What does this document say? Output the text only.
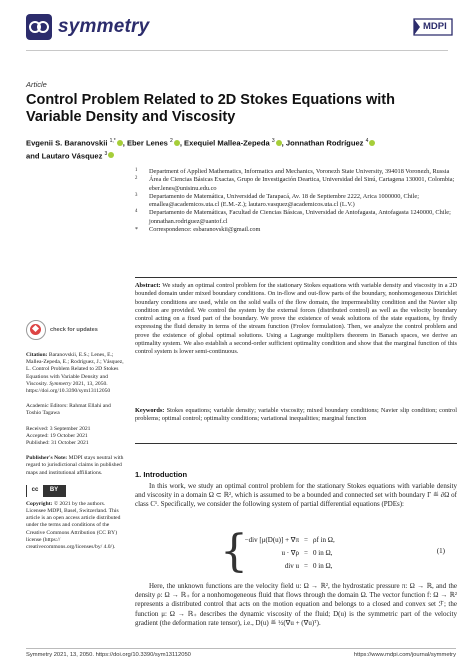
symmetry	MDPI
Article
Control Problem Related to 2D Stokes Equations with Variable Density and Viscosity
Evgenii S. Baranovskii $^{1,*}$ , Eber Lenes $^2$ , Exequiel Mallea-Zepeda $^3$ , Jonnathan Rodríguez $^4$
and Lautaro Vásquez $^3$
1 Department of Applied Mathematics, Informatics and Mechanics, Voronezh State University, 394018 Voronezh, Russia
2 Área de Ciencias Básicas Exactas, Grupo de Investigación Deartica, Universidad del Sinú, Cartagena 130001, Colombia; eber.lenes@unisinu.edu.co
3 Departamento de Matemática, Universidad de Tarapacá, Av. 18 de Septiembre 2222, Arica 1000000, Chile; emallea@academicos.uta.cl (E.M.-Z.); lautaro.vasquez@academicos.uta.cl (L.V.)
4 Departamento de Matemáticas, Facultad de Ciencias Básicas, Universidad de Antofagasta, Antofagasta 1240000, Chile; jonnathan.rodriguez@uantof.cl
* Correspondence: esbaranovskii@gmail.com
Abstract: We study an optimal control problem for the stationary Stokes equations with variable density and viscosity in a 2D bounded domain under mixed boundary conditions. On in-flow and out-flow parts of the boundary, nonhomogeneous Dirichlet boundary conditions are used, while on the solid walls of the flow domain, the impermeability condition and the Navier slip condition are provided. We control the system by the external forces (distributed control) as well as the velocity boundary control acting on a fixed part of the boundary. We prove the existence of weak solutions of the state equations, by firstly expressing the fluid density in terms of the stream function (Frolov formulation). Then, we analyze the control problem and prove the existence of global optimal solutions. Using a Lagrange multipliers theorem in Banach spaces, we derive an optimality system. We also establish a second-order sufficient optimality condition and show that the marginal function of this control system is lower semi-continuous.
Keywords: Stokes equations; variable density; variable viscosity; mixed boundary conditions; Navier slip condition; control problems; optimal control; optimality conditions; variational inequalities; marginal function
check for updates
Citation: Baranovskii, E.S.; Lenes, E.; Mallea-Zepeda, E.; Rodríguez, J.; Vásquez, L. Control Problem Related to 2D Stokes Equations with Variable Density and Viscosity. Symmetry 2021, 13, 2050. https://doi.org/10.3390/sym13112050
Academic Editors: Rahmat Ellahi and Toshio Tagawa
Received: 3 September 2021
Accepted: 19 October 2021
Published: 31 October 2021
Publisher's Note: MDPI stays neutral with regard to jurisdictional claims in published maps and institutional affiliations.
cc	BY
Copyright: © 2021 by the authors. Licensee MDPI, Basel, Switzerland. This article is an open access article distributed under the terms and conditions of the Creative Commons Attribution (CC BY) license (https:// creativecommons.org/licenses/by/ 4.0/).
1. Introduction
In this work, we study an optimal control problem for the stationary Stokes equations with variable density and viscosity in a domain Ω ⊂ ℝ², which is assumed to be a bounded and connected set with boundary Γ ≝ ∂Ω of class C¹. Specifically, we consider the following system of partial differential equations (PDEs):
{
−div [μ(D(u)] + ∇π = ρf in Ω,
u · ∇ρ = 0 in Ω,
div u = 0 in Ω,
(1)
Here, the unknown functions are the velocity field u: Ω → ℝ², the hydrostatic pressure π: Ω → ℝ, and the density ρ: Ω → ℝ₊ for a nonhomogeneous fluid that flows through the domain Ω. The vector function f: Ω → ℝ² represents a distributed control that acts on the motion equation and belongs to a closed and convex set ℱ; the function μ: Ω → ℝ₊ describes the dynamic viscosity of the fluid; D(u) is the symmetric part of the velocity gradient (the deformation rate tensor), i.e., D(u) ≝ ½(∇u + (∇u)ᵀ).
Symmetry 2021, 13, 2050. https://doi.org/10.3390/sym13112050	https://www.mdpi.com/journal/symmetry
